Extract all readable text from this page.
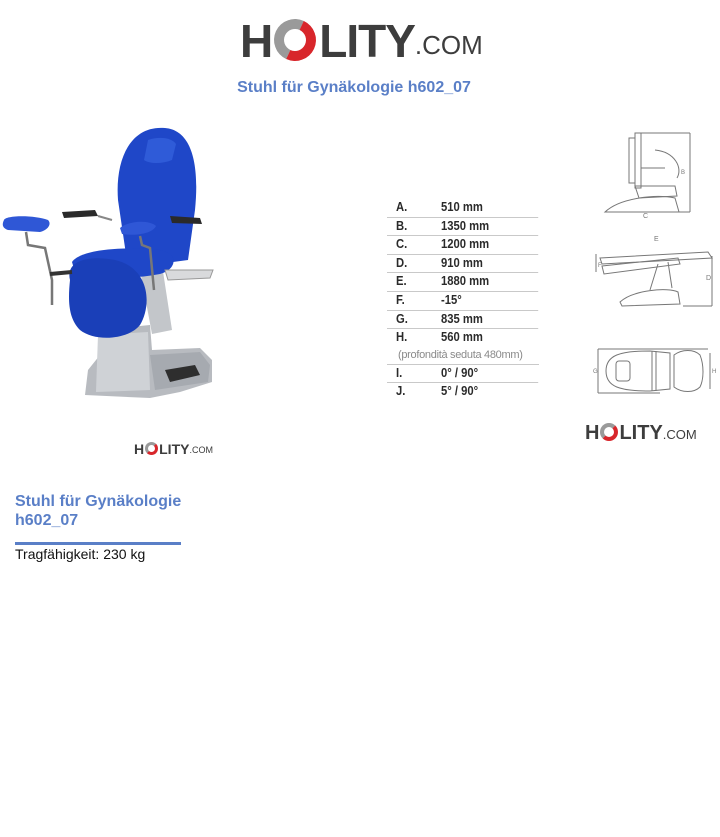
H LITY .COM
Stuhl für Gynäkologie h602_07
H LITY .COM
A.	510 mm
B.	1350 mm
C.	1200 mm
D.	910 mm
E.	1880 mm
F.	-15°
G.	835 mm
H.	560 mm
(profondità seduta 480mm)
I.	0° / 90°
J.	5° / 90°
B
C
E
F
D
G	H
H LITY .COM
Stuhl für Gynäkologie h602_07
Tragfähigkeit: 230 kg
